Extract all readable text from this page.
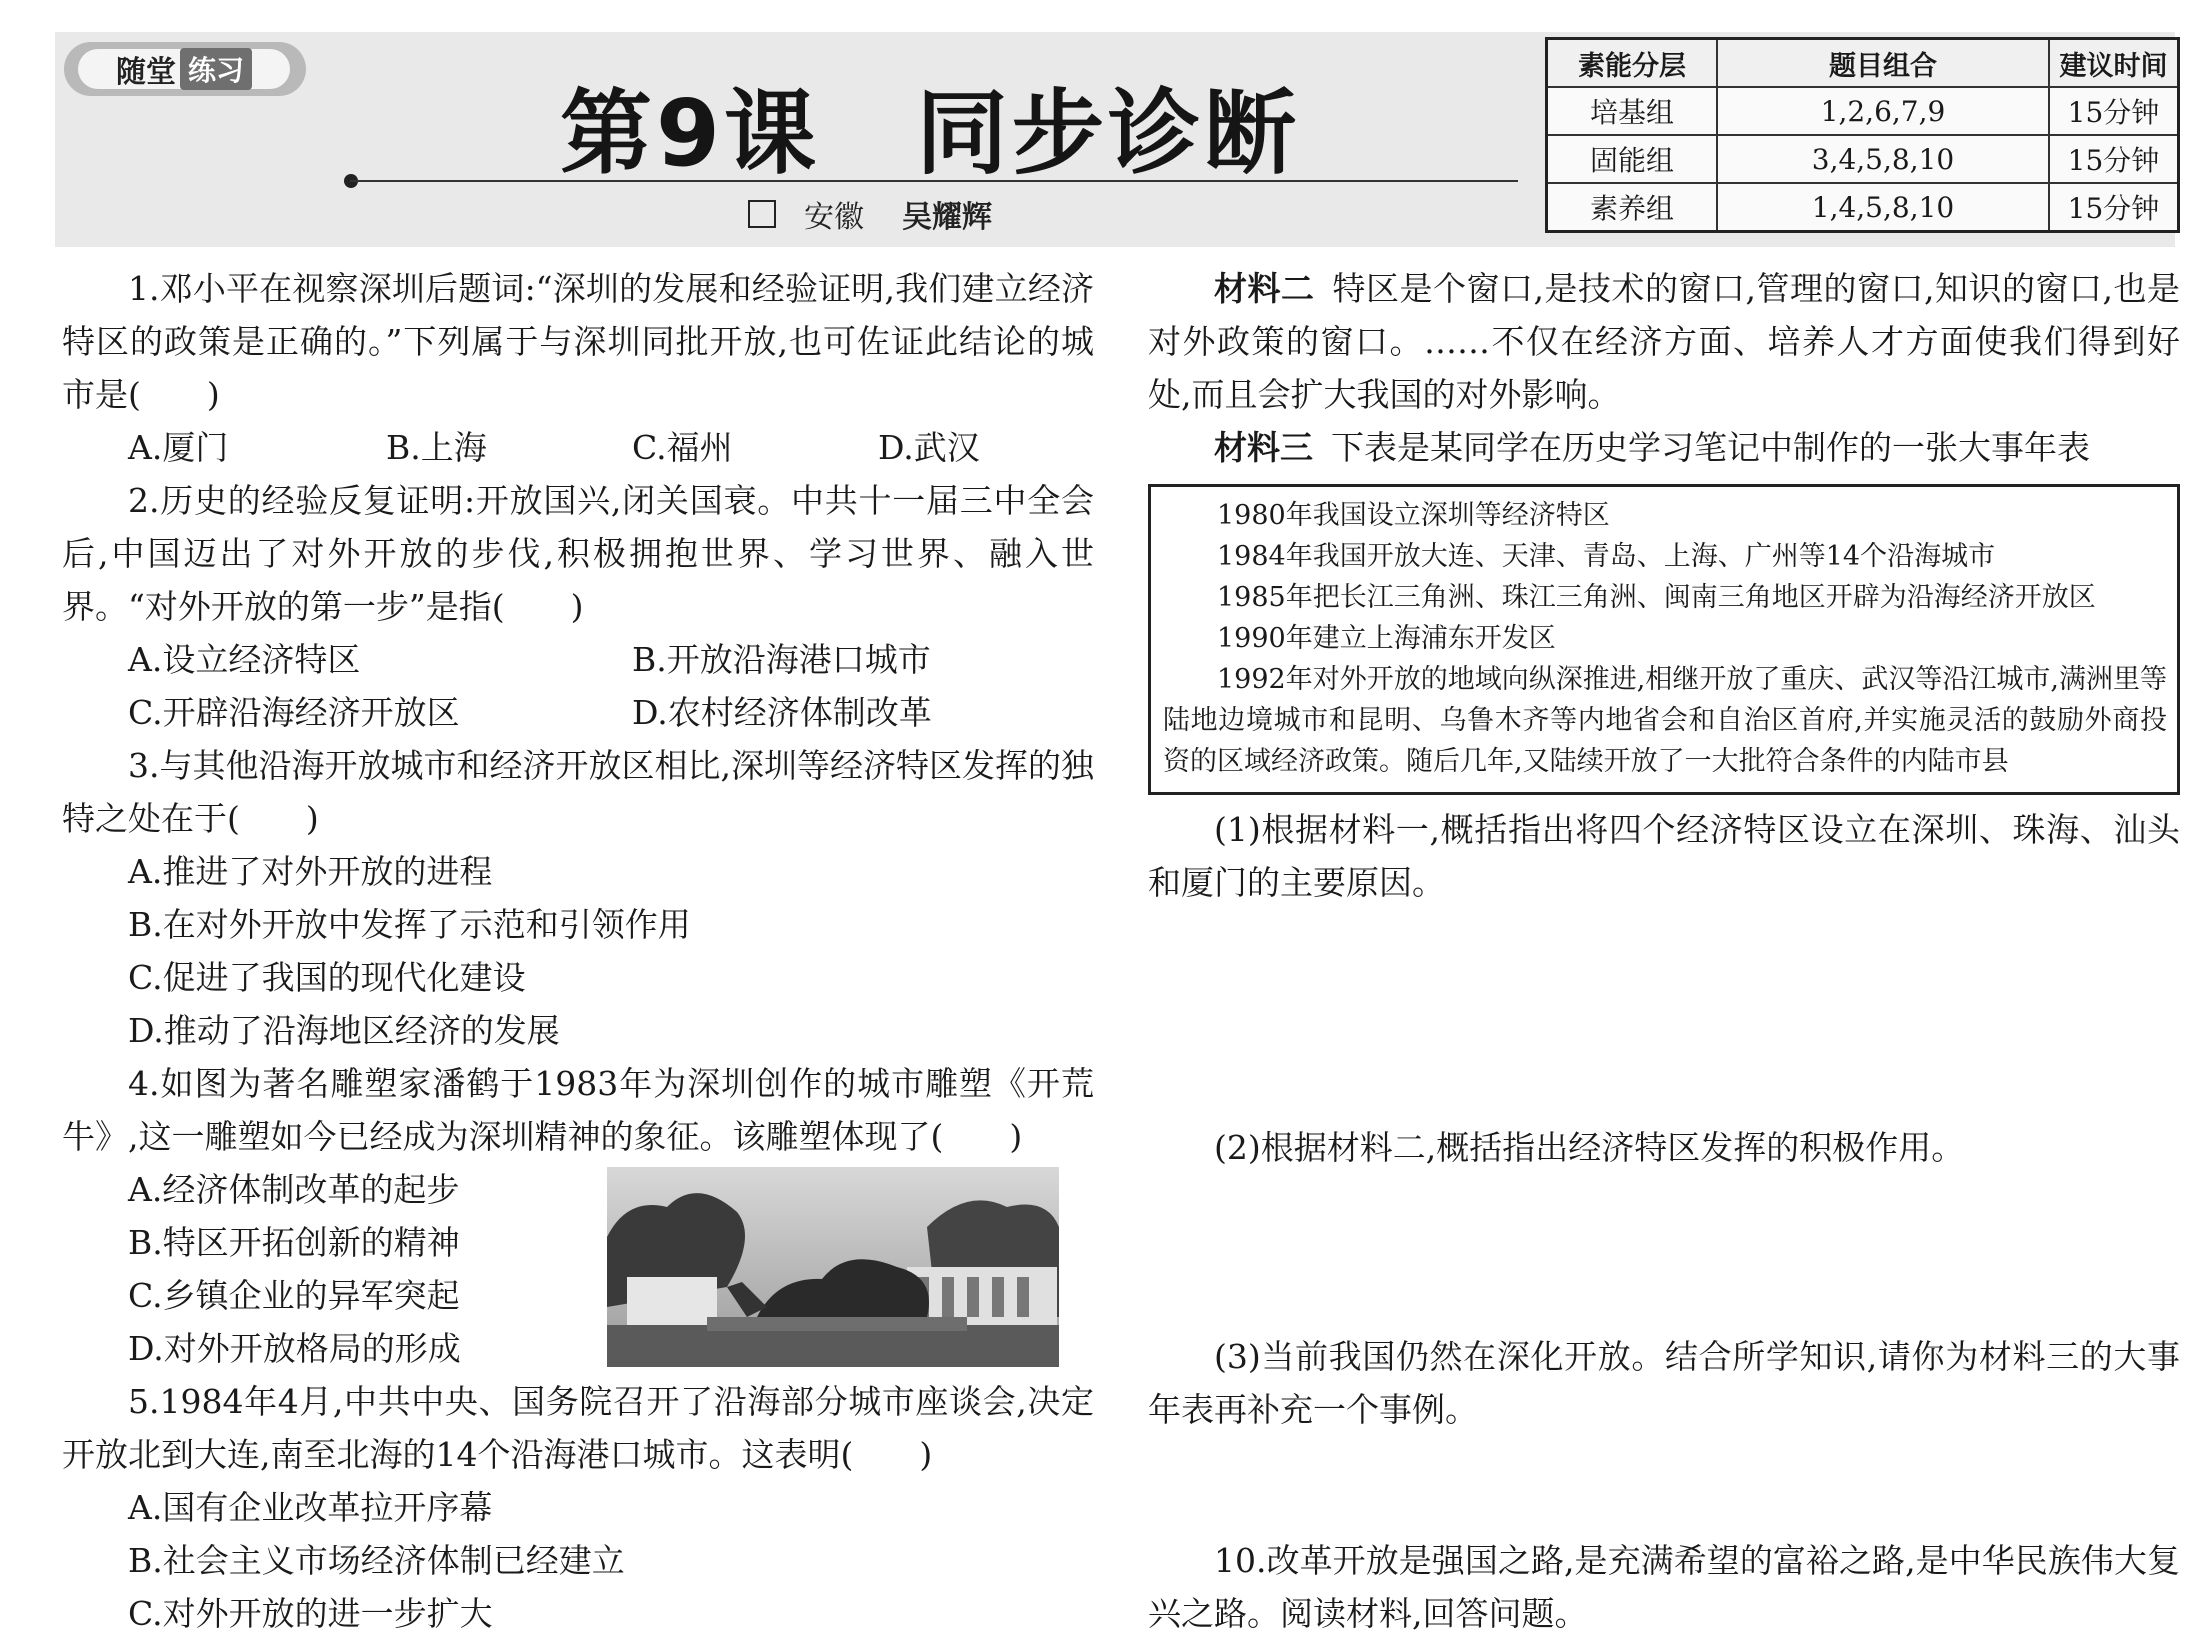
随堂 练习
第9课　同步诊断
安徽 吴耀辉
素能分层	题目组合	建议时间
培基组	1,2,6,7,9	15分钟
固能组	3,4,5,8,10	15分钟
素养组	1,4,5,8,10	15分钟

1.邓小平在视察深圳后题词:“深圳的发展和经验证明,我们建立经济特区的政策是正确的。”下列属于与深圳同批开放,也可佐证此结论的城市是(　　)

A.厦门	B.上海	C.福州	D.武汉

2.历史的经验反复证明:开放国兴,闭关国衰。中共十一届三中全会后,中国迈出了对外开放的步伐,积极拥抱世界、学习世界、融入世界。“对外开放的第一步”是指(　　)

A.设立经济特区	B.开放沿海港口城市
C.开辟沿海经济开放区	D.农村经济体制改革

3.与其他沿海开放城市和经济开放区相比,深圳等经济特区发挥的独特之处在于(　　)

A.推进了对外开放的进程

B.在对外开放中发挥了示范和引领作用

C.促进了我国的现代化建设

D.推动了沿海地区经济的发展

4.如图为著名雕塑家潘鹤于1983年为深圳创作的城市雕塑《开荒牛》,这一雕塑如今已经成为深圳精神的象征。该雕塑体现了(　　)

A.经济体制改革的起步

B.特区开拓创新的精神

C.乡镇企业的异军突起

D.对外开放格局的形成

5.1984年4月,中共中央、国务院召开了沿海部分城市座谈会,决定开放北到大连,南至北海的14个沿海港口城市。这表明(　　)

A.国有企业改革拉开序幕

B.社会主义市场经济体制已经建立

C.对外开放的进一步扩大

材料二 特区是个窗口,是技术的窗口,管理的窗口,知识的窗口,也是对外政策的窗口。……不仅在经济方面、培养人才方面使我们得到好处,而且会扩大我国的对外影响。

材料三 下表是某同学在历史学习笔记中制作的一张大事年表

1980年我国设立深圳等经济特区

1984年我国开放大连、天津、青岛、上海、广州等14个沿海城市

1985年把长江三角洲、珠江三角洲、闽南三角地区开辟为沿海经济开放区

1990年建立上海浦东开发区

1992年对外开放的地域向纵深推进,相继开放了重庆、武汉等沿江城市,满洲里等陆地边境城市和昆明、乌鲁木齐等内地省会和自治区首府,并实施灵活的鼓励外商投资的区域经济政策。随后几年,又陆续开放了一大批符合条件的内陆市县

(1)根据材料一,概括指出将四个经济特区设立在深圳、珠海、汕头和厦门的主要原因。

(2)根据材料二,概括指出经济特区发挥的积极作用。

(3)当前我国仍然在深化开放。结合所学知识,请你为材料三的大事年表再补充一个事例。

10.改革开放是强国之路,是充满希望的富裕之路,是中华民族伟大复兴之路。阅读材料,回答问题。
